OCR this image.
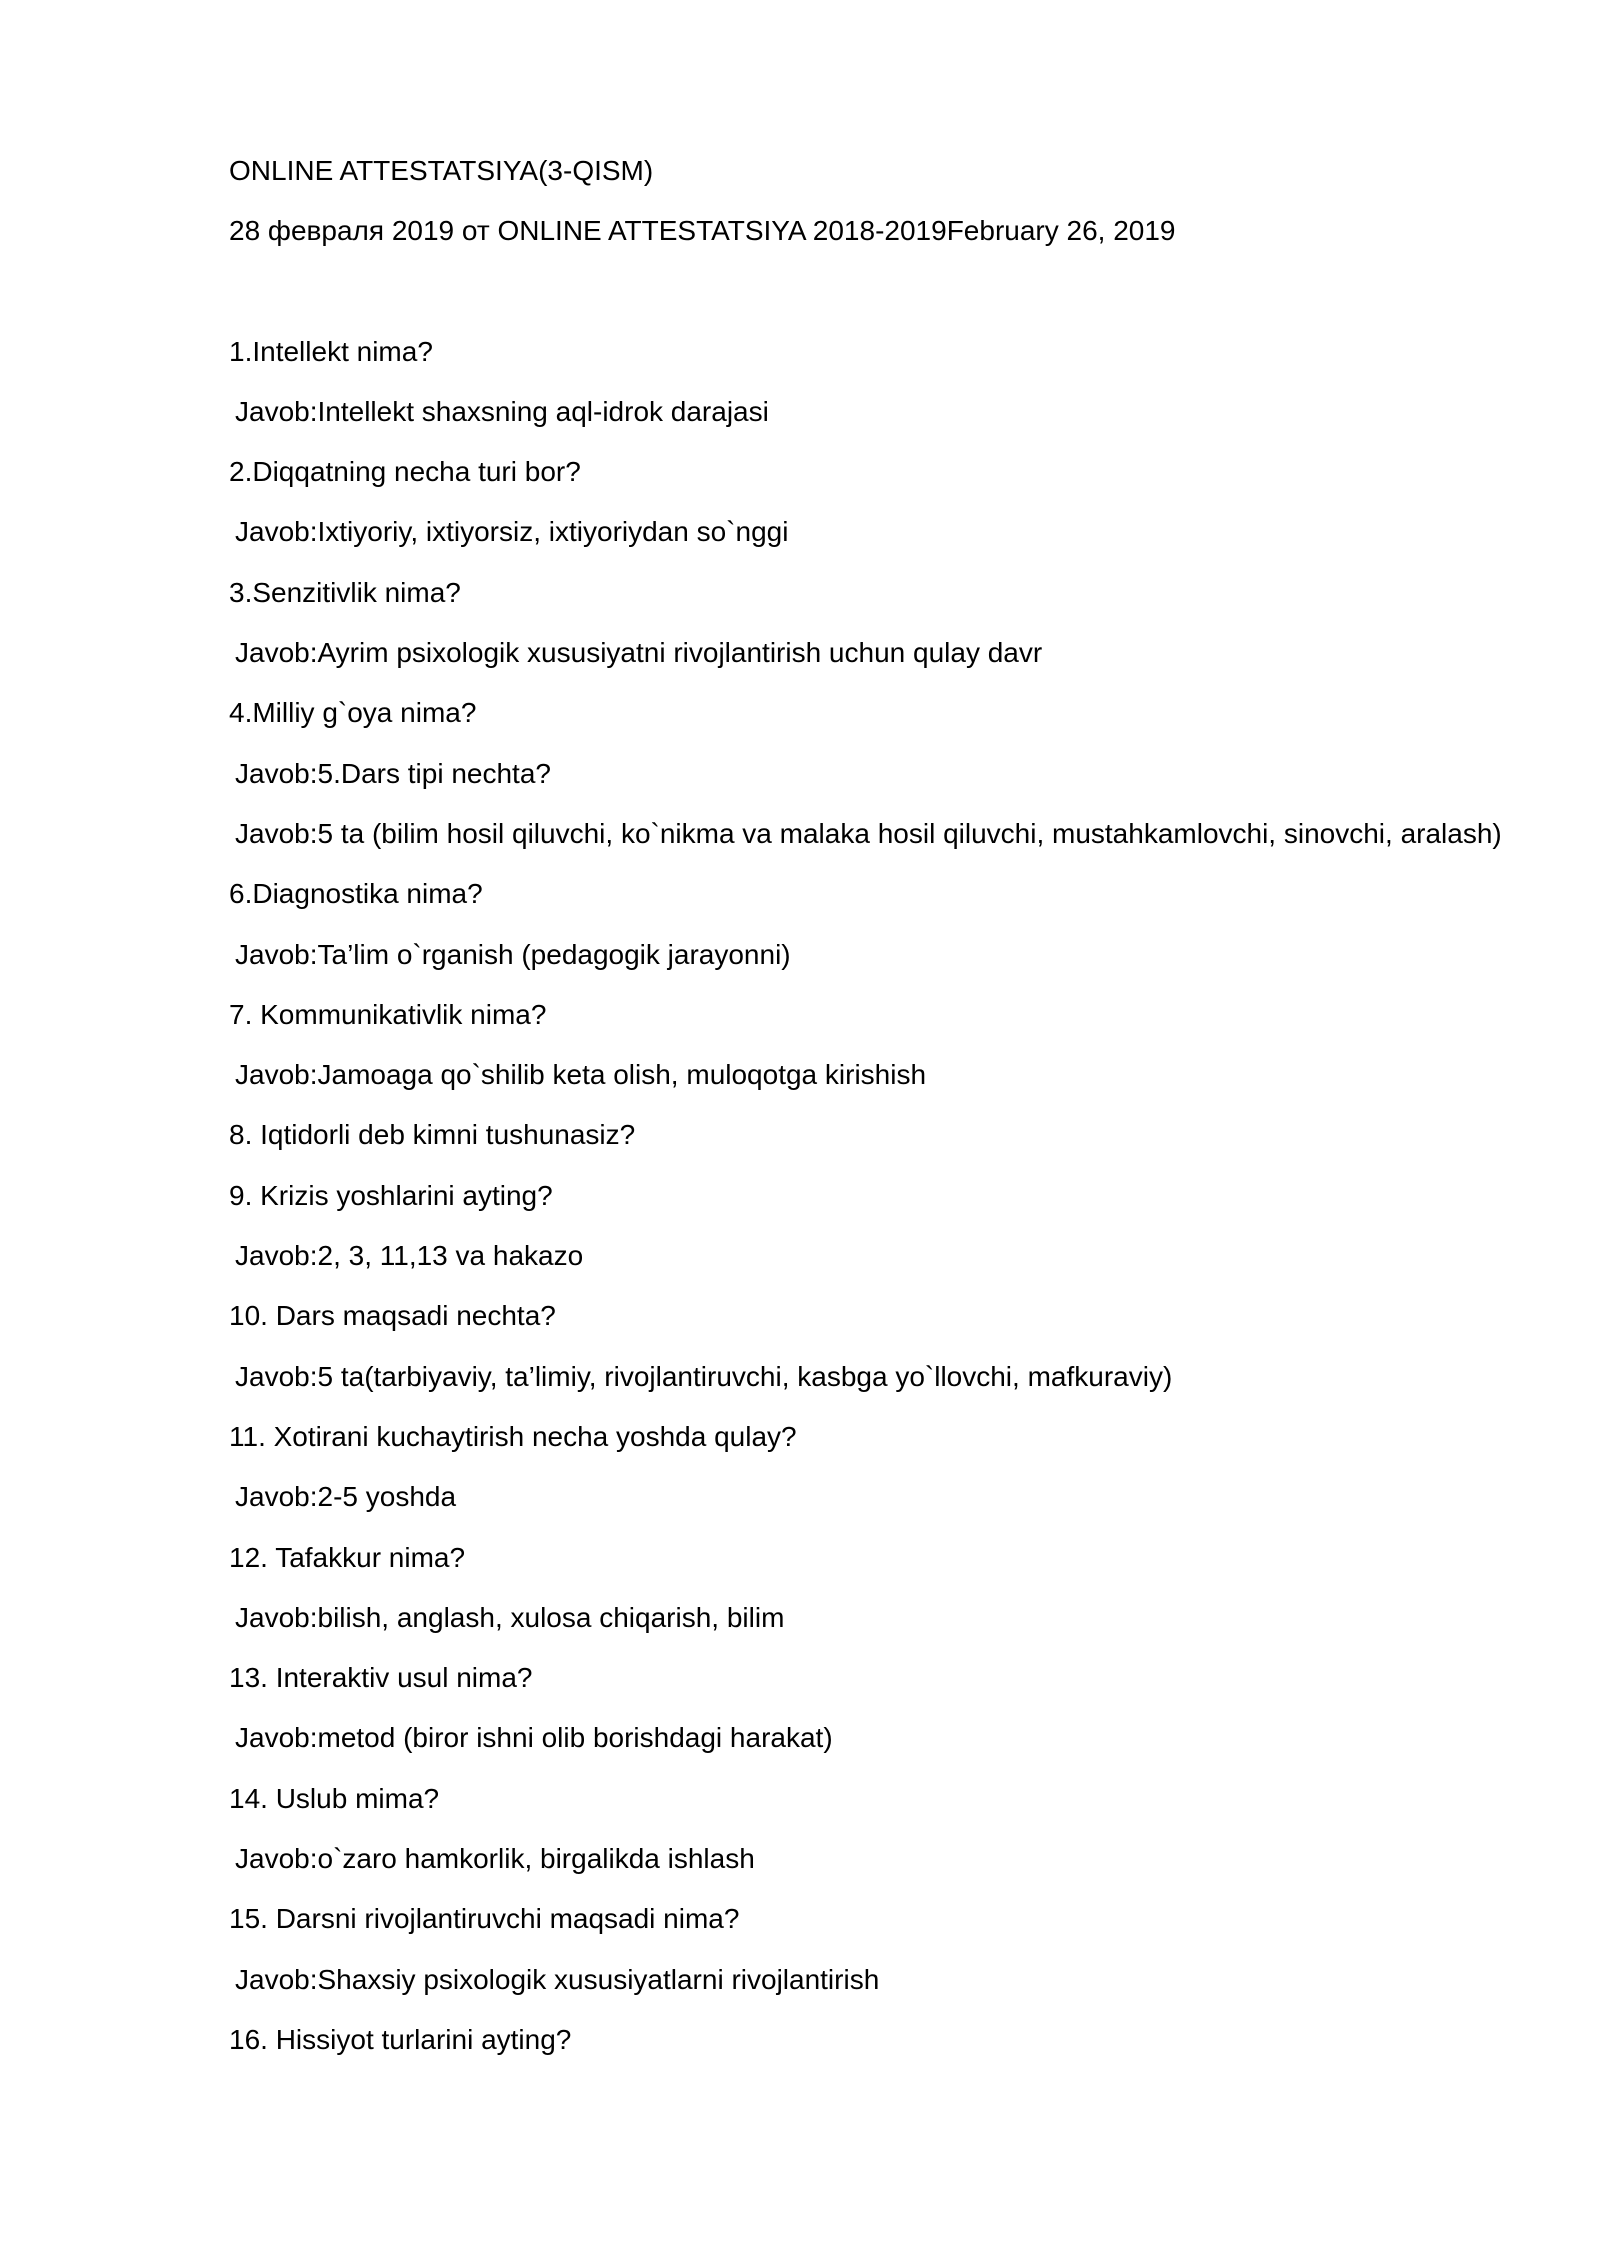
ONLINE ATTESTATSIYA(3-QISM)

28 февраля 2019 от ONLINE ATTESTATSIYA 2018-2019February 26, 2019

1.Intellekt nima?

Javob:Intellekt shaxsning aql-idrok darajasi

2.Diqqatning necha turi bor?

Javob:Ixtiyoriy, ixtiyorsiz, ixtiyoriydan so`nggi

3.Senzitivlik nima?

Javob:Ayrim psixologik xususiyatni rivojlantirish uchun qulay davr

4.Milliy g`oya nima?

Javob:5.Dars tipi nechta?

Javob:5 ta (bilim hosil qiluvchi, ko`nikma va malaka hosil qiluvchi, mustahkamlovchi, sinovchi, aralash)

6.Diagnostika nima?

Javob:Ta’lim o`rganish (pedagogik jarayonni)

7. Kommunikativlik nima?

Javob:Jamoaga qo`shilib keta olish, muloqotga kirishish

8. Iqtidorli deb kimni tushunasiz?

9. Krizis yoshlarini ayting?

Javob:2, 3, 11,13 va hakazo

10. Dars maqsadi nechta?

Javob:5 ta(tarbiyaviy, ta’limiy, rivojlantiruvchi, kasbga yo`llovchi, mafkuraviy)

11. Xotirani kuchaytirish necha yoshda qulay?

Javob:2-5 yoshda

12. Tafakkur nima?

Javob:bilish, anglash, xulosa chiqarish, bilim

13. Interaktiv usul nima?

Javob:metod (biror ishni olib borishdagi harakat)

14. Uslub mima?

Javob:o`zaro hamkorlik, birgalikda ishlash

15. Darsni rivojlantiruvchi maqsadi nima?

Javob:Shaxsiy psixologik xususiyatlarni rivojlantirish

16. Hissiyot turlarini ayting?
